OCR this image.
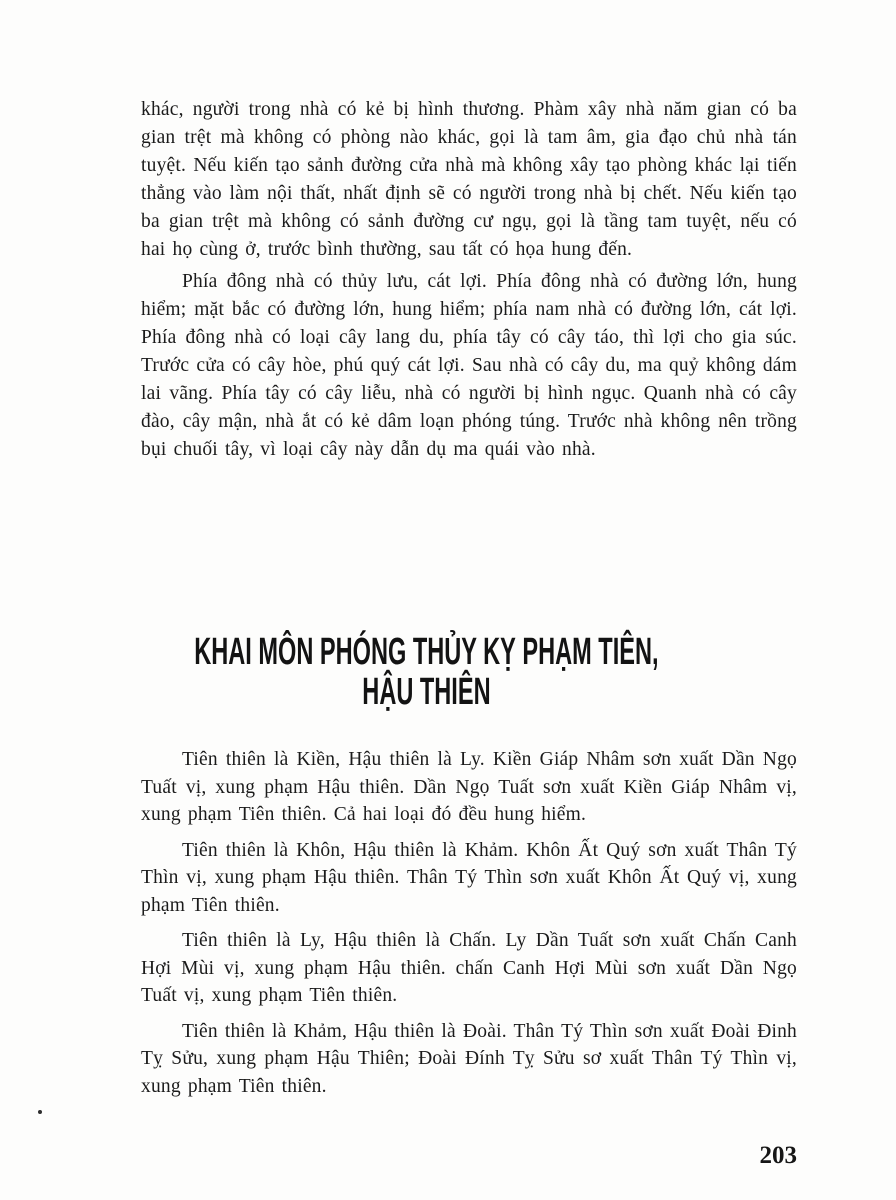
khác, người trong nhà có kẻ bị hình thương. Phàm xây nhà năm gian có ba gian trệt mà không có phòng nào khác, gọi là tam âm, gia đạo chủ nhà tán tuyệt. Nếu kiến tạo sảnh đường cửa nhà mà không xây tạo phòng khác lại tiến thẳng vào làm nội thất, nhất định sẽ có người trong nhà bị chết. Nếu kiến tạo ba gian trệt mà không có sảnh đường cư ngụ, gọi là tầng tam tuyệt, nếu có hai họ cùng ở, trước bình thường, sau tất có họa hung đến.

Phía đông nhà có thủy lưu, cát lợi. Phía đông nhà có đường lớn, hung hiểm; mặt bắc có đường lớn, hung hiểm; phía nam nhà có đường lớn, cát lợi. Phía đông nhà có loại cây lang du, phía tây có cây táo, thì lợi cho gia súc. Trước cửa có cây hòe, phú quý cát lợi. Sau nhà có cây du, ma quỷ không dám lai vãng. Phía tây có cây liễu, nhà có người bị hình ngục. Quanh nhà có cây đào, cây mận, nhà ắt có kẻ dâm loạn phóng túng. Trước nhà không nên trồng bụi chuối tây, vì loại cây này dẫn dụ ma quái vào nhà.

KHAI MÔN PHÓNG THỦY KỴ PHẠM TIÊN,
HẬU THIÊN

Tiên thiên là Kiền, Hậu thiên là Ly. Kiền Giáp Nhâm sơn xuất Dần Ngọ Tuất vị, xung phạm Hậu thiên. Dần Ngọ Tuất sơn xuất Kiền Giáp Nhâm vị, xung phạm Tiên thiên. Cả hai loại đó đều hung hiểm.

Tiên thiên là Khôn, Hậu thiên là Khảm. Khôn Ất Quý sơn xuất Thân Tý Thìn vị, xung phạm Hậu thiên. Thân Tý Thìn sơn xuất Khôn Ất Quý vị, xung phạm Tiên thiên.

Tiên thiên là Ly, Hậu thiên là Chấn. Ly Dần Tuất sơn xuất Chấn Canh Hợi Mùi vị, xung phạm Hậu thiên. chấn Canh Hợi Mùi sơn xuất Dần Ngọ Tuất vị, xung phạm Tiên thiên.

Tiên thiên là Khảm, Hậu thiên là Đoài. Thân Tý Thìn sơn xuất Đoài Đinh Tỵ Sửu, xung phạm Hậu Thiên; Đoài Đính Tỵ Sửu sơ xuất Thân Tý Thìn vị, xung phạm Tiên thiên.

203
